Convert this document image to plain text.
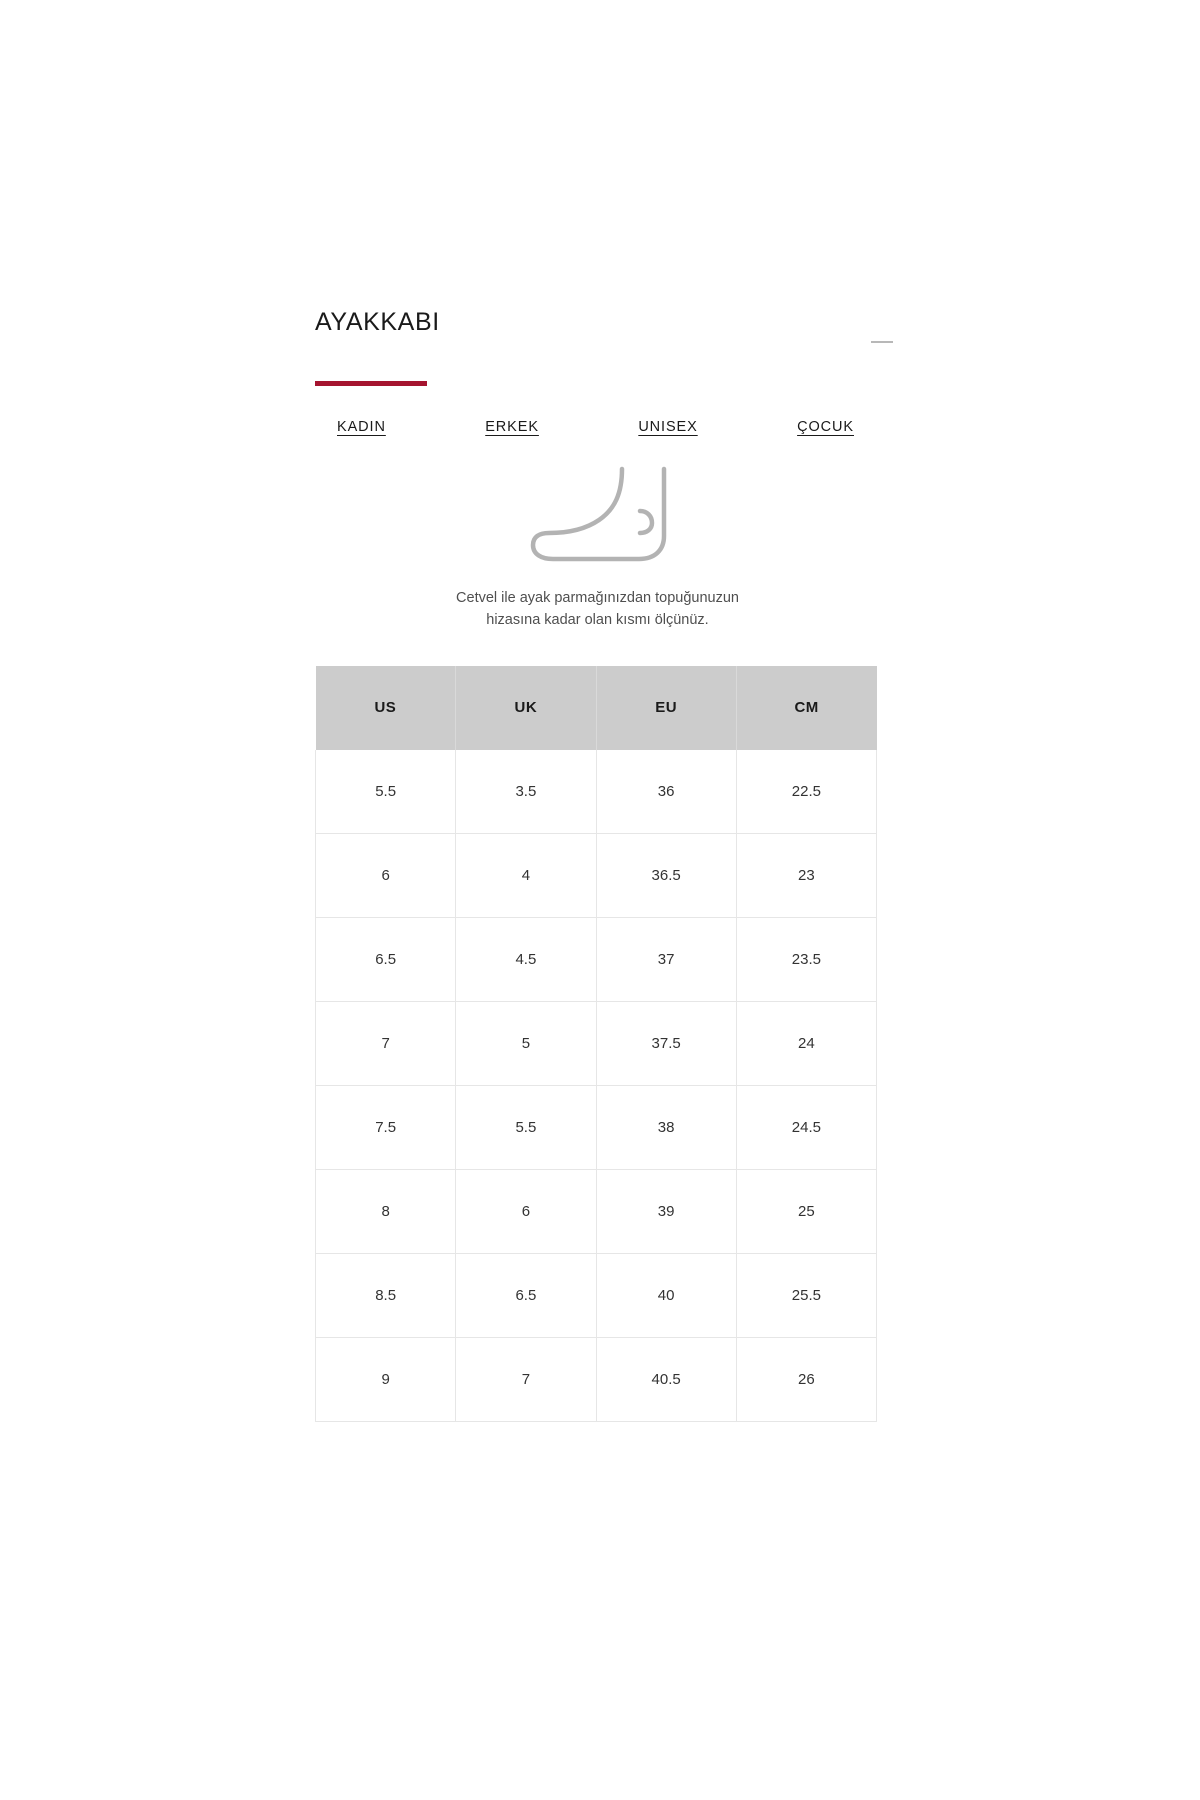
AYAKKABI
KADIN	ERKEK	UNISEX	ÇOCUK

Cetvel ile ayak parmağınızdan topuğunuzun
hizasına kadar olan kısmı ölçünüz.

US	UK	EU	CM
5.5	3.5	36	22.5
6	4	36.5	23
6.5	4.5	37	23.5
7	5	37.5	24
7.5	5.5	38	24.5
8	6	39	25
8.5	6.5	40	25.5
9	7	40.5	26
